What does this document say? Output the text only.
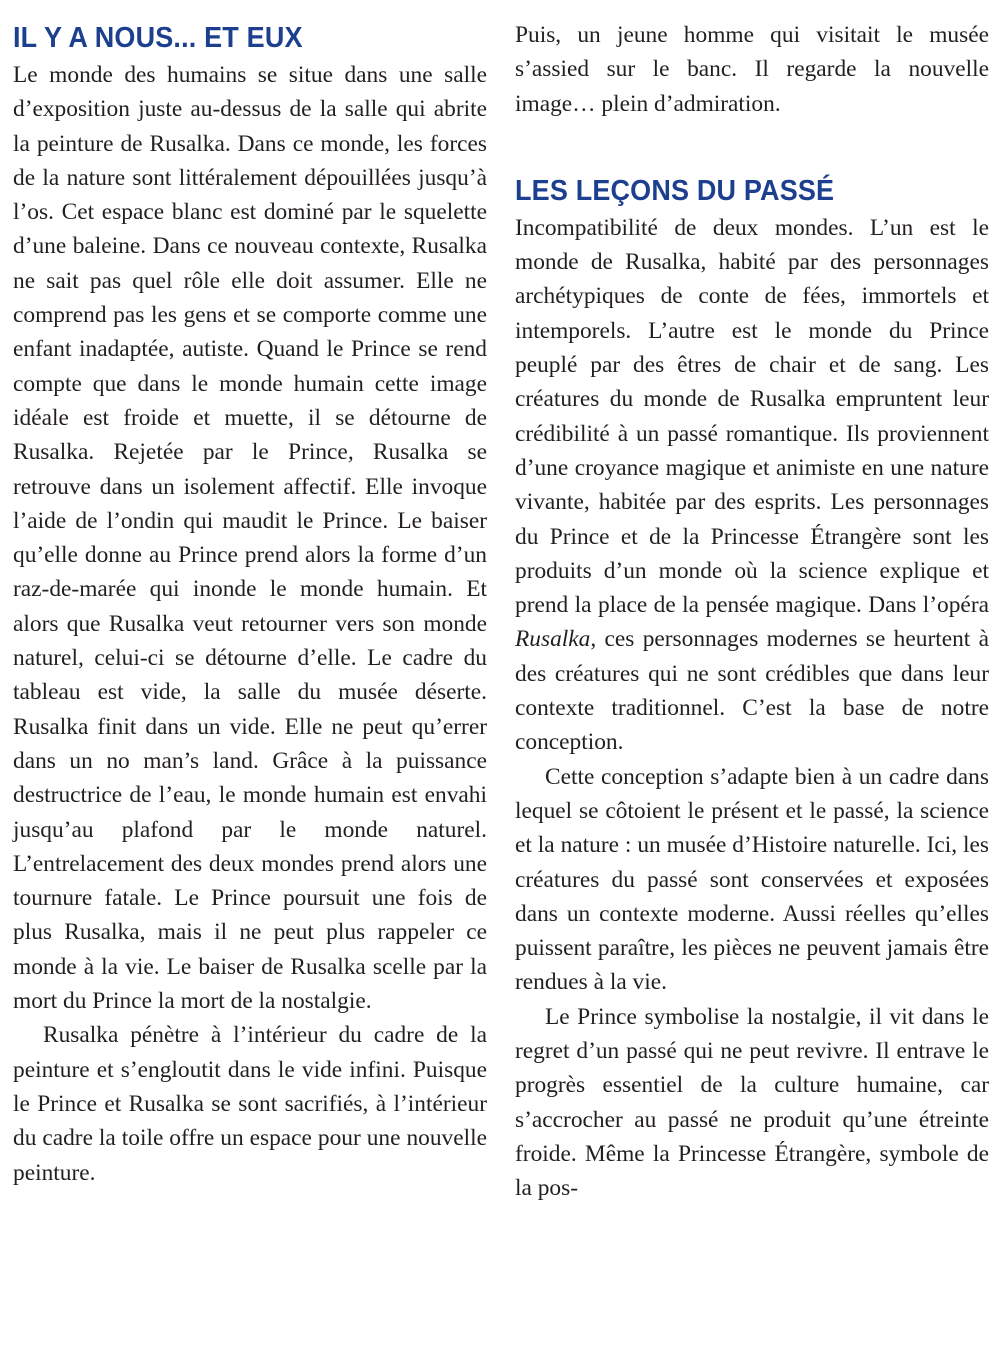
IL Y A NOUS... ET EUX

Le monde des humains se situe dans une salle d’exposition juste au-dessus de la salle qui abrite la peinture de Rusalka. Dans ce monde, les forces de la nature sont littéralement dépouillées jusqu’à l’os. Cet espace blanc est dominé par le squelette d’une baleine. Dans ce nouveau contexte, Rusalka ne sait pas quel rôle elle doit assumer. Elle ne comprend pas les gens et se comporte comme une enfant inadaptée, autiste. Quand le Prince se rend compte que dans le monde humain cette image idéale est froide et muette, il se détourne de Rusalka. Rejetée par le Prince, Rusalka se retrouve dans un isolement affectif. Elle invoque l’aide de l’ondin qui maudit le Prince. Le baiser qu’elle donne au Prince prend alors la forme d’un raz-de-marée qui inonde le monde humain. Et alors que Rusalka veut retourner vers son monde naturel, celui-ci se détourne d’elle. Le cadre du tableau est vide, la salle du musée déserte. Rusalka finit dans un vide. Elle ne peut qu’errer dans un no man’s land. Grâce à la puissance destructrice de l’eau, le monde humain est envahi jusqu’au plafond par le monde naturel. L’entrelacement des deux mondes prend alors une tournure fatale. Le Prince poursuit une fois de plus Rusalka, mais il ne peut plus rappeler ce monde à la vie. Le baiser de Rusalka scelle par la mort du Prince la mort de la nostalgie.

Rusalka pénètre à l’intérieur du cadre de la peinture et s’engloutit dans le vide infini. Puisque le Prince et Rusalka se sont sacrifiés, à l’intérieur du cadre la toile offre un espace pour une nouvelle peinture.

Puis, un jeune homme qui visitait le musée s’assied sur le banc. Il regarde la nouvelle image… plein d’admiration.

LES LEÇONS DU PASSÉ

Incompatibilité de deux mondes. L’un est le monde de Rusalka, habité par des personnages archétypiques de conte de fées, immortels et intemporels. L’autre est le monde du Prince peuplé par des êtres de chair et de sang. Les créatures du monde de Rusalka empruntent leur crédibilité à un passé romantique. Ils proviennent d’une croyance magique et animiste en une nature vivante, habitée par des esprits. Les personnages du Prince et de la Princesse Étrangère sont les produits d’un monde où la science explique et prend la place de la pensée magique. Dans l’opéra Rusalka, ces personnages modernes se heurtent à des créatures qui ne sont crédibles que dans leur contexte traditionnel. C’est la base de notre conception.

Cette conception s’adapte bien à un cadre dans lequel se côtoient le présent et le passé, la science et la nature : un musée d’Histoire naturelle. Ici, les créatures du passé sont conservées et exposées dans un contexte moderne. Aussi réelles qu’elles puissent paraître, les pièces ne peuvent jamais être rendues à la vie.

Le Prince symbolise la nostalgie, il vit dans le regret d’un passé qui ne peut revivre. Il entrave le progrès essentiel de la culture humaine, car s’accrocher au passé ne produit qu’une étreinte froide. Même la Princesse Étrangère, symbole de la pos-
